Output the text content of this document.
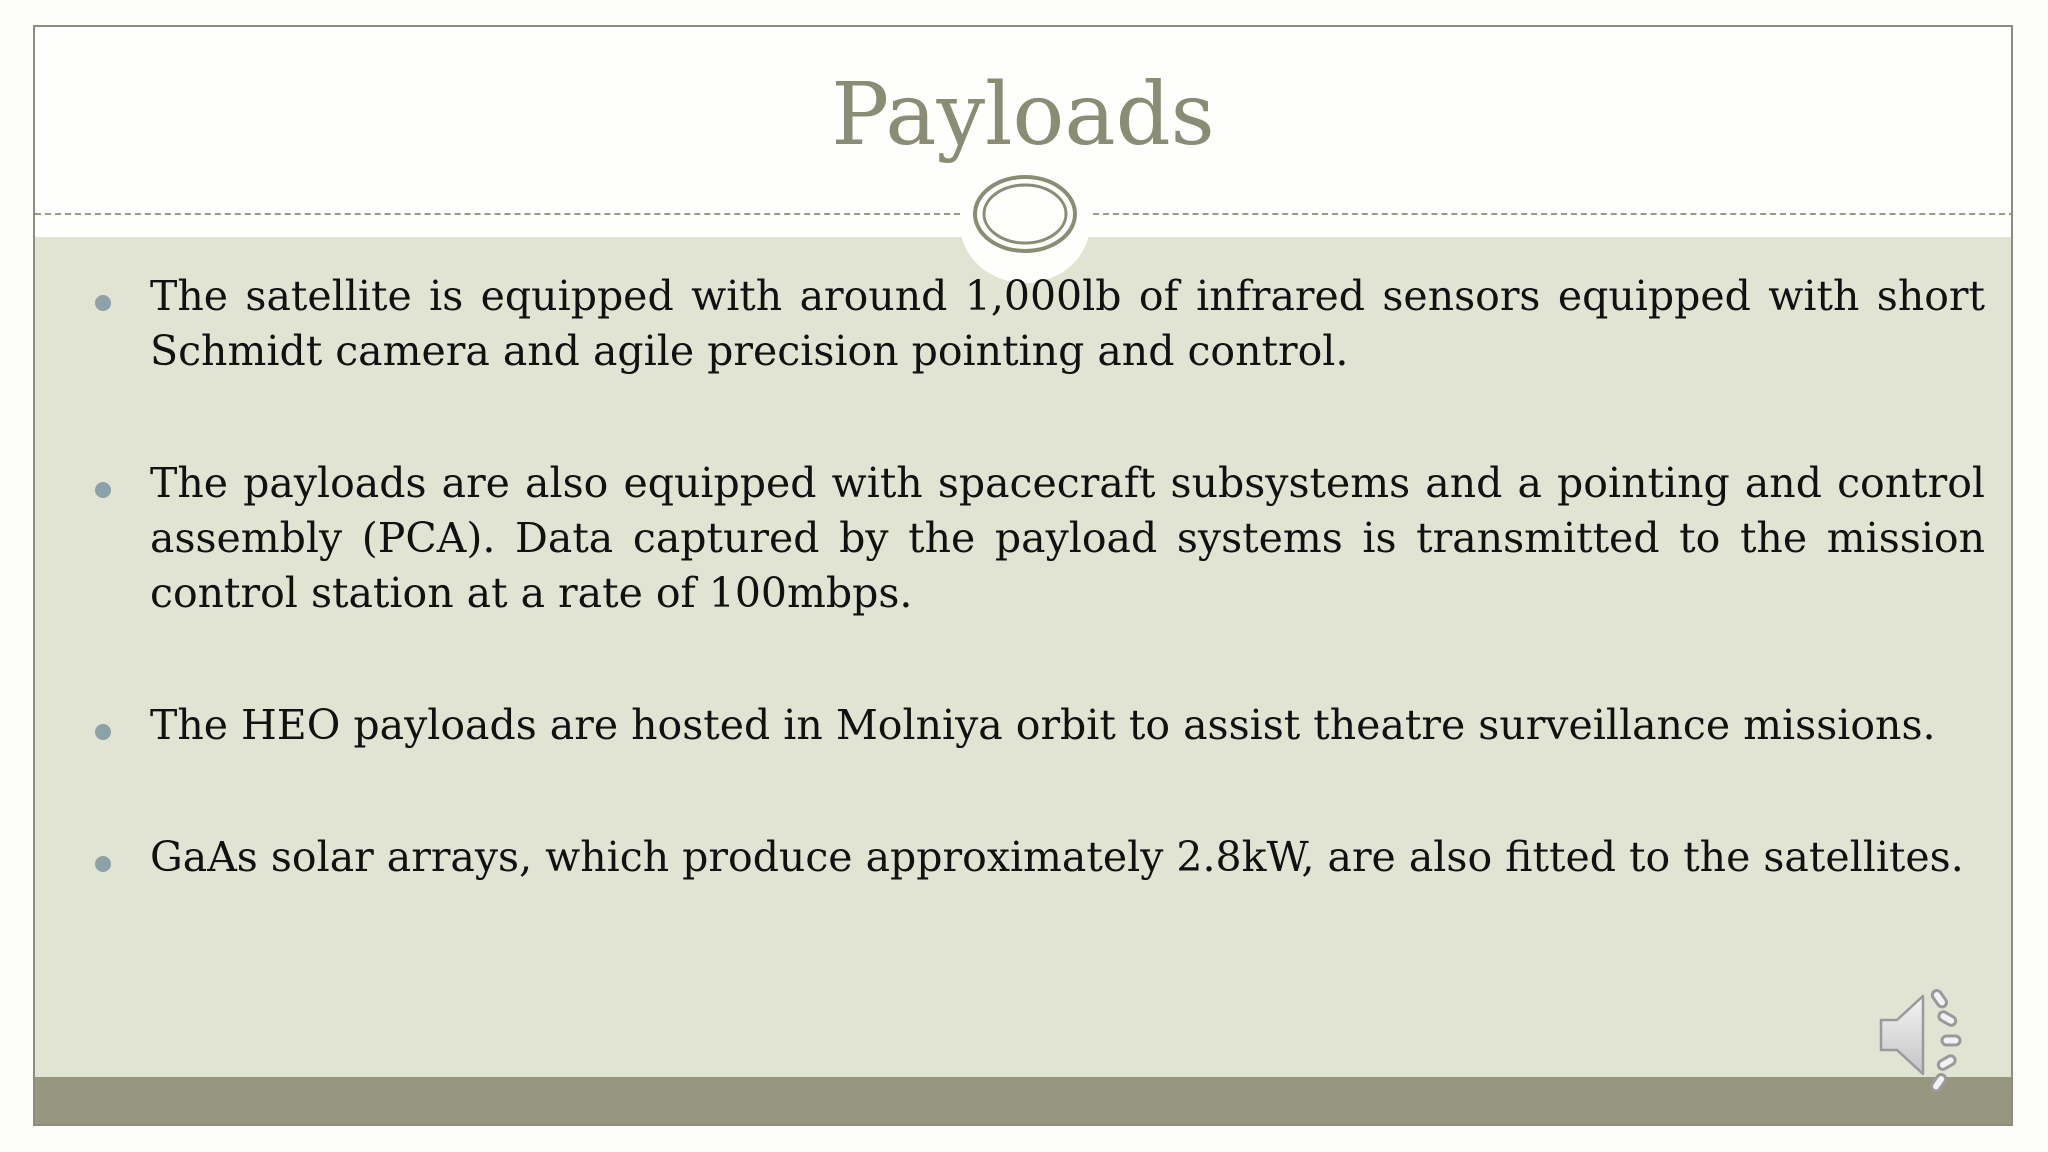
Payloads
The satellite is equipped with around 1,000lb of infrared sensors equipped with short Schmidt camera and agile precision pointing and control.
The payloads are also equipped with spacecraft subsystems and a pointing and control assembly (PCA). Data captured by the payload systems is transmitted to the mission control station at a rate of 100mbps.
The HEO payloads are hosted in Molniya orbit to assist theatre surveillance missions.
GaAs solar arrays, which produce approximately 2.8kW, are also fitted to the satellites.
